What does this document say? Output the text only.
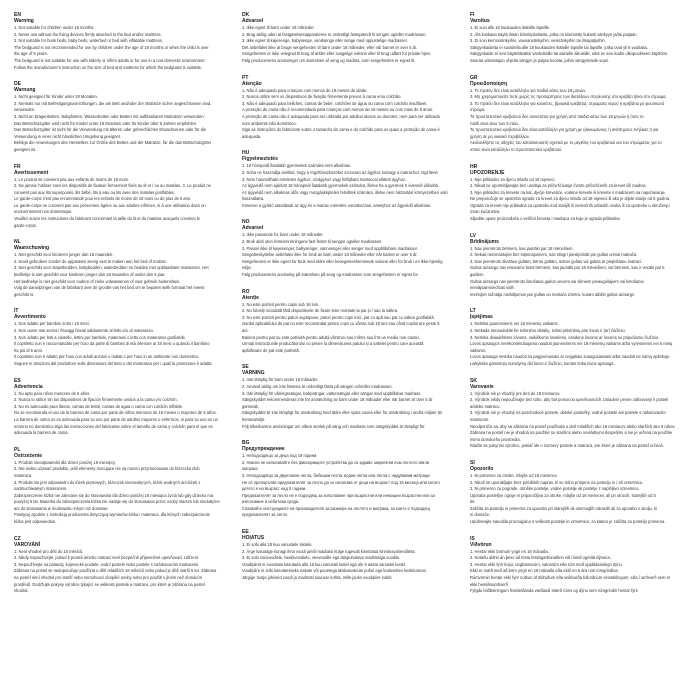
EN
Warning
1. Not suitable for children under 18 months.
2. Never use without the fixing devices firmly attached to the bed and/or mattress.
3. Not suitable for bunk beds, baby beds, waterbed or bed with inflatable mattress.
The bedguard is not recommended for use by children under the age of 18 months or when the child is over
the age of 5 years.
The bedguard is not suitable for use with elderly or infirm adults or for use in a non-domestic environment.
Follow the manufacturer's instruction on the size of bed and mattress for which the bedguard is suitable.
DE
Warnung
1. Nicht geeignet für Kinder unter 18 Monaten.
2. Niemals nur mit Befestigungsvorrichtungen, die am Bett und/oder der Matratze sicher angeschlossen sind,
verwenden.
3. Nicht an Etagenbetten, Babybetten, Wasserbetten oder Betten mit aufblasbaren Matratzen verwenden.
Das Bettschutzgitter wird nicht für Kinder unter 18 Monaten oder für Kinder über 5 Jahren empfohlen.
Das Bettschutzgitter ist nicht für die Verwendung mit älteren oder gebrechlichen Erwachsenen oder für die
Verwendung in einer nicht häuslichen Umgebung geeignet.
Befolge die Anweisungen des Herstellers zur Größe des Bettes und der Matratze, für die das Bettschutzgitter
geeignet ist.
FR
Avertissement
1. Le produit ne convient pas aux enfants de moins de 18 mois.
2. Ne jamais l'utiliser sans les dispositifs de fixation fermement fixés au lit et / ou au matelas. 3. Le produit ne
convient pas aux lits superposés, lits bébé, lits à eau ou lits avec des matelas gonflables.
Le garde-corps n'est pas recommandé pour les enfants de moins de 18 mois ou de plus de 5 ans.
Le garde-corps ne convient pas aux personnes âgées ou aux adultes infirmes, ni à une utilisation dans un
environnement non domestique.
Veuillez suivre les instructions du fabricant concernant la taille du lit et du matelas auxquels convient le
garde-corps.
NL
Waarschuwing
1. Niet geschikt voor kinderen jonger dan 18 maanden.
2. Nooit gebruiken zonder de apparaten stevig vast te maken aan het bed of matras.
3. Niet geschikt voor stapelbedden, babybedden, waterbedden en bedden met opblaasbare matrassen. Het
bedhekje is niet geschikt voor kinderen jonger dan 18 maanden of ouder dan 5 jaar.
Het bedhekje is niet geschikt voor oudere of zieke volwassenen of voor gebruik buitenshuis.
Volg de aanwijzingen van de fabrikant over de grootte van het bed om te bepalen welk formaat het meest
geschikt is.
IT
Avvertimento
1. Non adatto per bambini sotto i 18 mesi.
2. Non usare mai senza i fissaggi fissati saldamente al letto e/o al materasso.
3. Non adatto per letti a castello, lettini per bambini, materassi o letto con materasso gonfiabile.
Il copriletto non è raccomandato per l'uso da parte di bambini di età inferiore ai 18 mesi o quando il bambino
ha più di 5 anni.
Il copriletto non è adatto per l'uso con adulti anziani o malati o per l'uso in un ambiente non domestico.
Seguire le istruzioni del produttore sulle dimensioni del letto e del materasso per i quali la protezione è adatta.
ES
Advertencia
1. No apto para niños menores de 5 años.
2. Nunca lo utilice sin los dispositivos de fijación firmemente unidos a la cama y/o colchón.
3. No es adecuado para literas, camas de bebé, camas de agua o cama con colchón inflable.
No se recomienda el uso de la barrera de cama por parte de niños menores de 18 meses o mayores de 5 años.
La barrera de cama no es adecuada para su uso por parte de adultos mayores o enfermos, ni para su uso en un
entorno no doméstico.Siga las instrucciones del fabricante sobre el tamaño de cama y colchón para el que es
adecuada la barrera de cama.
PL
Ostrzeżenie
1. Produkt nieodpowiedni dla dzieci poniżej 18 miesięcy.
2. Nie wolno używać produktu, jeśli elementy mocujące nie są mocno przymocowane do łóżeczka i/lub
materaca.
3. Produkt nie jest odpowiedni do łóżek piętrowych, łóżeczek niemowlęcych, łóżek wodnych ani łóżek z
nadmuchiwanym materacem.
Zabezpieczenie łóżka nie zalecane się do stosowania dla dzieci poniżej 18 miesiąca życia lub gdy dziecko ma
powyżej 5 lat. Barierka do zabezpieczenia łóżka nie nadaje się do stosowania przez osoby starsze lub niedołężne
ani do stosowania w środowisku innym niż domowe.
Postępuj zgodnie z instrukcją producenta dotyczącą wymiarów łóżka i materaca, dla których zabezpieczenie
łóżka jest odpowiednie.
CZ
VAROVÁNÍ
1. Není vhodné pro děti do 18 měsíců.
2. Nikdy nepoužívejte, pokud k posteli a/nebo matraci není bezpečně připevněné upevňovací zařízení.
3. Nepoužívejte na palandy, kojenecké postele, vodní postele nebo postele s nafukovacími matracemi.
Zábrana na postel se nedoporučuje používat u dětí mladších 18 měsíců nebo pokud je dítě starší 5 let. Zábrana
na postel není vhodná pro starší nebo nemohoucí dospělé osoby nebo pro použití v jiném než domácím
prostředí. Dodržujte pokyny výrobce týkající se velikosti postele a matrace, pro které je zábrana na postel
vhodná.
DK
Advarsel
1. Ikke egnet til børn under 18 måneder.
2. Brug aldrig uden at fastgørelsesapparaterne er ordentligt fastspændt til sengen og/eller madrassen.
3. Ikke egnet til køjesenge, babysenge, vandsenge eller senge med oppustelige madrasser.
Det anbefales ikke at bruge sengehesten til børn under 18 måneder, eller når barnet er over 5 år.
Sengehesten er ikke velegnet til brug af ældre eller svagelige voksne eller til brug udført for private hjem.
Følg producentens anvisninger om størrelsen af seng og madras, som sengehesten er egnet til.
PT
Atenção
1. Não é adequado para crianças com menos de 18 meses de idade.
2. Nunca utilize sem os dispositivos de fixação firmemente presos à cama e/ou colchão.
3. Não é adequado para beliches, camas de bebé, colchões de água ou cama com colchão insuflável.
A proteção de cama não é recomendada para crianças com menos de 18 meses ou com mais de 5 anos.
A proteção de cama não é adequada para ser utilizada por adultos idosos ou doentes, nem para ser utilizada
num ambiente não doméstico.
Siga as instruções do fabricante sobre o tamanho da cama e do colchão para os quais a proteção de cama é
adequada.
HU
Figyelmeztetés
1. 18 hónapnál fiatalabb gyermekek számára nem alkalmas.
2. Soha ne használja anélkül, hogy a rögzítőeszközöket szorosan az ágyhoz és/vagy a matrachoz rögzítené.
3. Nem használható emeletes ágyhoz, vízágyhoz vagy felfújható matraccal ellátott ágyhoz.
Az ágyvédő nem ajánlott 18 hónapnál fiatalabb gyermekek számára, illetve ha a gyermek 5 évesnél idősebb.
Az ágyvédő nem alkalmas idős vagy mozgásképtelen felnőttek számára, illetve nem háztartási környezetben való
használatra.
Kövesse a gyártó utasításait az ágy és a matrac méretére vonatkozóan, amelyhez az ágyvédő alkalmas.
NO
Advarsel
1. Ikke passende for barn under 18 måneder.
2. Bruk aldri uten festeinnretningene fast festet til sengen og/eller madrassen.
3. Passer ikke til køyesenger, babysenger, vannsenger eller senger med oppblåsbare madrasser.
Sengebeskyttelse anbefales ikke for bruk av barn under 18 måneder eller når barnet er over 5 år.
Sengehesten er ikke egnet for bruk med eldre eller bevegelseshemmede voksne eller for bruk i en ikke-hjemlig
miljø.
Følg produsentens anvisning på størrelsen på seng og madrassen som sengehesten er egnet for.
RO
Atenție
1. Nu este potrivit pentru copiii sub 18 luni.
2. Nu folosiți niciodată fără dispozitivele de fixare bine montate la pat și / sau la saltea.
3. Nu este potrivit pentru paturi suprapuse, paturi pentru copii mici, pat cu apă sau pat cu saltea gonflabilă.
Gardul aplicabilului de pat nu este recomandat pentru copii cu vârsta sub 18 luni sau când copilul are peste 5
ani.
Bariera pentru pat nu este potrivită pentru adulții vârstnici sau infirmi sau într-un mediu non-casnic.
Urmați instrucțiunile producătorului cu privire la dimensiunea patului și a saltelei pentru care această
apărătoare de pat este potrivită.
SE
VARNING
1. Inte lämplig för barn under 18 månader.
2. Använd aldrig om inte fästena är ordentligt fästa på sängen och/eller madrassen.
3. Inte lämplig för våningssängar, babysängar, vattensängar eller sängar med uppblåsbar madrass.
Sängskyddet rekommenderas inte för användning av barn under 18 månader eller när barnet är över 5 år
gammalt.
Sängskyddet är inte lämpligt för användning med äldre eller sjuka vuxna eller för användning i andra miljöer än
hemmamiljö.
Följ tillverkarens anvisningar om vilken storlek på säng och madrass som sängskyddet är lämpligt för.
BG
Предупреждение
1. Неподходящо за деца под 18 години.
2. Никога не използвайте без фиксиращите устройства да са здраво закрепени към леглото и/или
матрака.
3. Неподходящо за двуетажни легла, бебешки легла, водни легла или легла с надуваеми матраци.
Не се препоръчва предпазителят за легло да се използва от деца на възраст под 18 месеца или когато
детето е на възраст над 5 години.
Предпазителят за легло не е подходящ за използване при възрастни или немощни възрастни или за
използване в небитова среда.
Спазвайте инструкциите на производителя за размера на леглото и матрака, за които е подходящ
предпазителят за легло.
EE
HOIATUS
1. Ei sobi alla 18 kuu vanustele lastele.
2. Ärge kasutage kunagi ilma voodi ja/või madratsi külge tugevalt kinnitatud kinnitusvahenditeta.
3. Ei sobi narivoodiele, beebivoodiele, veevoodile ega täispuhutava madratsiga voodile.
Voodipiiret ei soovitata kasutada alla 18 kuu vanustel lastel ega üle 5 aasta vanustel lastel.
Voodipiire ei sobi kasutamiseks eakate või puuetega täiskasvanute puhul ega kodusekes keskkonnas.
Järgige tootja juhiseid voodi ja madratsi suuruse kohta, mille jaoks voodipiire sobib.
FI
Varoitus
1. Ei sovi alle 18 kuukauden ikäisille lapsille.
2. Älä koskaan käytä ilman kiinnityslaitteita, jotka on kiinnitetty tiukasti sänkyyn ja/tai patjaan.
3. Ei sovi kerrossänkyihin, vauvansänkyihin, vesisänkyihin tai ilmapatjoihin.
Sängynkaidetta ei suositella alle 18 kuukauden ikäisille lapsille tai lapsille, jotka ovat yli 5 vuotiaita.
Sängynkaide ei sovi käytettäväksi vanhuksille tai sairaille aikuisille, eikä se sovi kodin ulkopuoliseen käyttöön.
Seuraa valmistajan ohjeita sängyn ja patjan koosta, joihin sängynkaide sopii.
GR
Προειδοποίηση
1. Το προϊόν δεν είναι κατάλληλο για παιδιά κάτω των 18 μηνών.
2. Μη χρησιμοποιείτε ποτέ χωρίς τις προσαρτήσεις των διατάξεων στερέωσης στο κρεβάτι ή/και στο στρώμα.
3. Το προϊόν δεν είναι κατάλληλο για κουκέτες, βρεφικά κρεβάτια, στρώματα νερού ή κρεβάτια με φουσκωτό
στρώμα.
Το προστατευτικό κρεβατιού δεν συνιστάται για χρήση από παιδιά κάτω των 18 μηνών ή όταν το
παιδί είναι άνω των 5 ετών.
Το προστατευτικό κρεβατιού δεν είναι κατάλληλο για χρήση με ηλικιωμένους ή ανάπηρους ενήλικες ή για
χρήση σε μη οικιακό περιβάλλον.
Ακολουθήστε τις οδηγίες του κατασκευαστή σχετικά με το μέγεθος του κρεβατιού και του στρώματος για το
οποίο είναι κατάλληλο το προστατευτικό κρεβατιού.
HR
UPOZORENJE
1. Nije prikladno za djecu mlađu od 18 mjeseci.
2. Nikad ne upotrebljavajte bez uređaja za pričvršćivanje čvrsto pričvršćenih za krevet i/ili madrac.
3. Nije prikladno za krevete na kat, dječje krevetiće, vodene krevete ili krevete s madracem na napuhavanje.
Ne preporučuje se upotreba ograde za krevet za djecu mlađu od 18 mjeseci ili ako je dijete starije od 5 godina.
Ograda za krevet nije prikladna za upotrebu kod starijih ili nemoćnih odraslih osoba ili za upotrebu u okruženju
izvan kućanstva.
Slijedite upute proizvođača o veličini kreveta i madraca za koje je ograda prikladna.
LV
Brīdinājums
1. Nav piemērots bērniem, kas jaunāki par 18 mēnešiem.
2. Nekad neizmantojiet bez stiprinājumiem, kas stingri piestiprināti pie gultas un/vai matrača.
3. Nav piemērots divstāvu gultām, bērnu gultām, ūdens gultas vai gultas ar piepūšamu matraci.
Gultas aizsargu nav ieteicams lietot bērniem, kas jaunāki par 18 mēnešiem, vai bērniem, kas ir vecāki par 5
gadiem.
Gultas aizsargs nav piemērots lietošanai gados veciem vai slimiem pieaugušajiem vai lietošanai
nemājsaimniecības vidē.
Ievērojiet ražotāja norādījumus par gultas un matrača izmēru, kuram atbilst gultas aizsargs.
LT
Įspėjimas
1. Netinka jaunesniems nei 18 mėnesių vaikams.
2. Niekada nenaudokite be tvirtinimo detalių, tvirtai pritvirtintų prie lovos ir (ar) čiužinio.
3. Netinka dviaukštėms lovoms, vaikiškoms lovelėms, vandens lovoms ar lovoms su pripučiamu čiužiniu.
Lovos apsaugos nerekomenduojama naudoti jaunesniems nei 18 mėnesių vaikams arba vyresniems nei 5 metų
vaikams.
Lovos apsauga netinka naudoti su pagyvenusiais ar neįgaliais suaugusiaisiais arba naudoti ne namų aplinkoje.
Laikykitės gamintojo nurodymų dėl lovos ir čiužinio, kuriam tinka lovos apsauga.
SK
Varovanie
1. Výrobok nie je vhodný pre deti do 18 mesiacov.
2. Výrobok nikdy nepoužívajte bez toho, aby bol pomocou upevňovacích zariadení pevne zafixovaný k posteli
a/alebo matracu.
3. Výrobok nie je vhodný na poschodové postele, detské postieľky, vodné postele ani postele s nafukovacím
matracom.
Neodporúča sa, aby sa zábrana na posteľ používala u detí mladších ako 18 mesiacov alebo starších ako 5 rokov.
Zábrana na posteľ nie je vhodná na použitie so staršími alebo nevládnymi dospelými a nie je určená na použitie
mimo domáceho prostredia.
Riaďte sa pokynmi výrobcu, pokiaľ ide o rozmery postele a matraca, pre ktoré je zábrana na posteľ určená.
SI
Opozorilo
1. Ni primerno za otroke, mlajše od 18 mesecev.
2. Nikoli ne uporabljajte brez pritrdilnih naprav, ki so trdno pritrjene na posteljo in / ali vzmetnico.
3. Ni primerno za pograde, otroške postelje, vodne postelje ali postelje z napihljivo vzmetnico.
Uporaba posteljne ograje ni priporočljiva za otroke, mlajše od 18 mesecev, ali pri otrocih, starejših od 5
let.
Zaščita za posteljo ni primerna za uporabo pri starejših ali onemoglih odraslih ali za uporabo v okolju, ki
ni domače.
Upoštevajte navodila proizvajalca o velikosti postelje in vzmetnice, za katero je zaščita za posteljo primerna.
IS
Viðvörun
1. Hentar ekki börnum yngri en 18 mánaða.
2. Notaðu aldrei án þess að festa festingarbúnaðinn við rúmið og/eða dýnuna.
3. Hentar ekki fyrir kojur, ungbarnarúm, vatnsrúm eða rúm með uppblásanlegri dýnu.
Ekki er mælt með að börn yngri en 18 mánaða eða eldri en 5 ára noti rúmgrindina.
Rúmvörnin hentar ekki fyrir notkun af öldruðum eða veikburða fullorðnum einstaklingum, eða í umhverfi sem er
ekki heimilisumhverfi.
Fylgdu leiðbeiningum framleiðanda varðandi stærð rúms og dýnu sem rúmgrindin hentar fyrir.
